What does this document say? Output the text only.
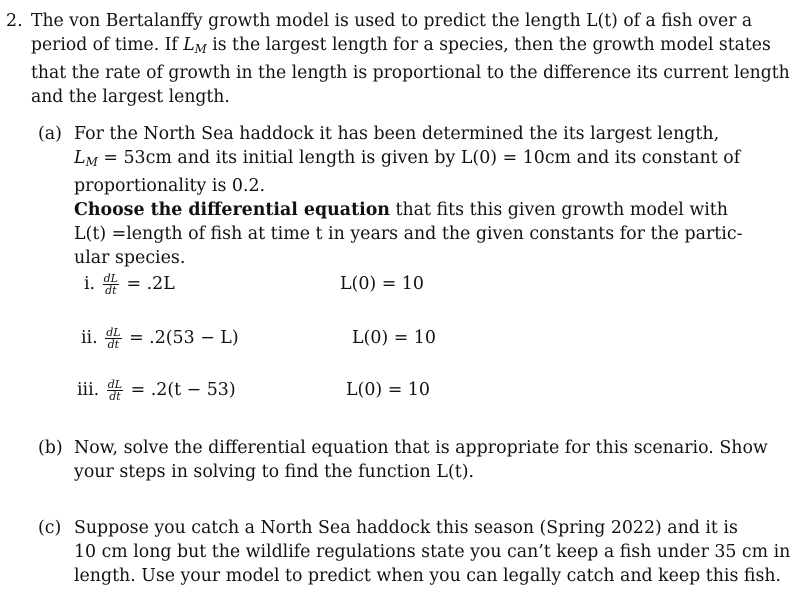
2. The von Bertalanffy growth model is used to predict the length L(t) of a fish over a
period of time. If $L_M$ is the largest length for a species, then the growth model states
that the rate of growth in the length is proportional to the difference its current length
and the largest length.
(a) For the North Sea haddock it has been determined the its largest length,
$L_M = 53cm$ and its initial length is given by L(0) = 10cm and its constant of
proportionality is 0.2.
Choose the differential equation that fits this given growth model with
L(t) =length of fish at time t in years and the given constants for the partic-
ular species.
i. $\frac{dL}{dt} = .2L$	L(0) = 10
ii. $\frac{dL}{dt} = .2(53 - L)$	L(0) = 10
iii. $\frac{dL}{dt} = .2(t - 53)$	L(0) = 10
(b) Now, solve the differential equation that is appropriate for this scenario. Show
your steps in solving to find the function L(t).
(c) Suppose you catch a North Sea haddock this season (Spring 2022) and it is
10 cm long but the wildlife regulations state you can’t keep a fish under 35 cm in
length. Use your model to predict when you can legally catch and keep this fish.
